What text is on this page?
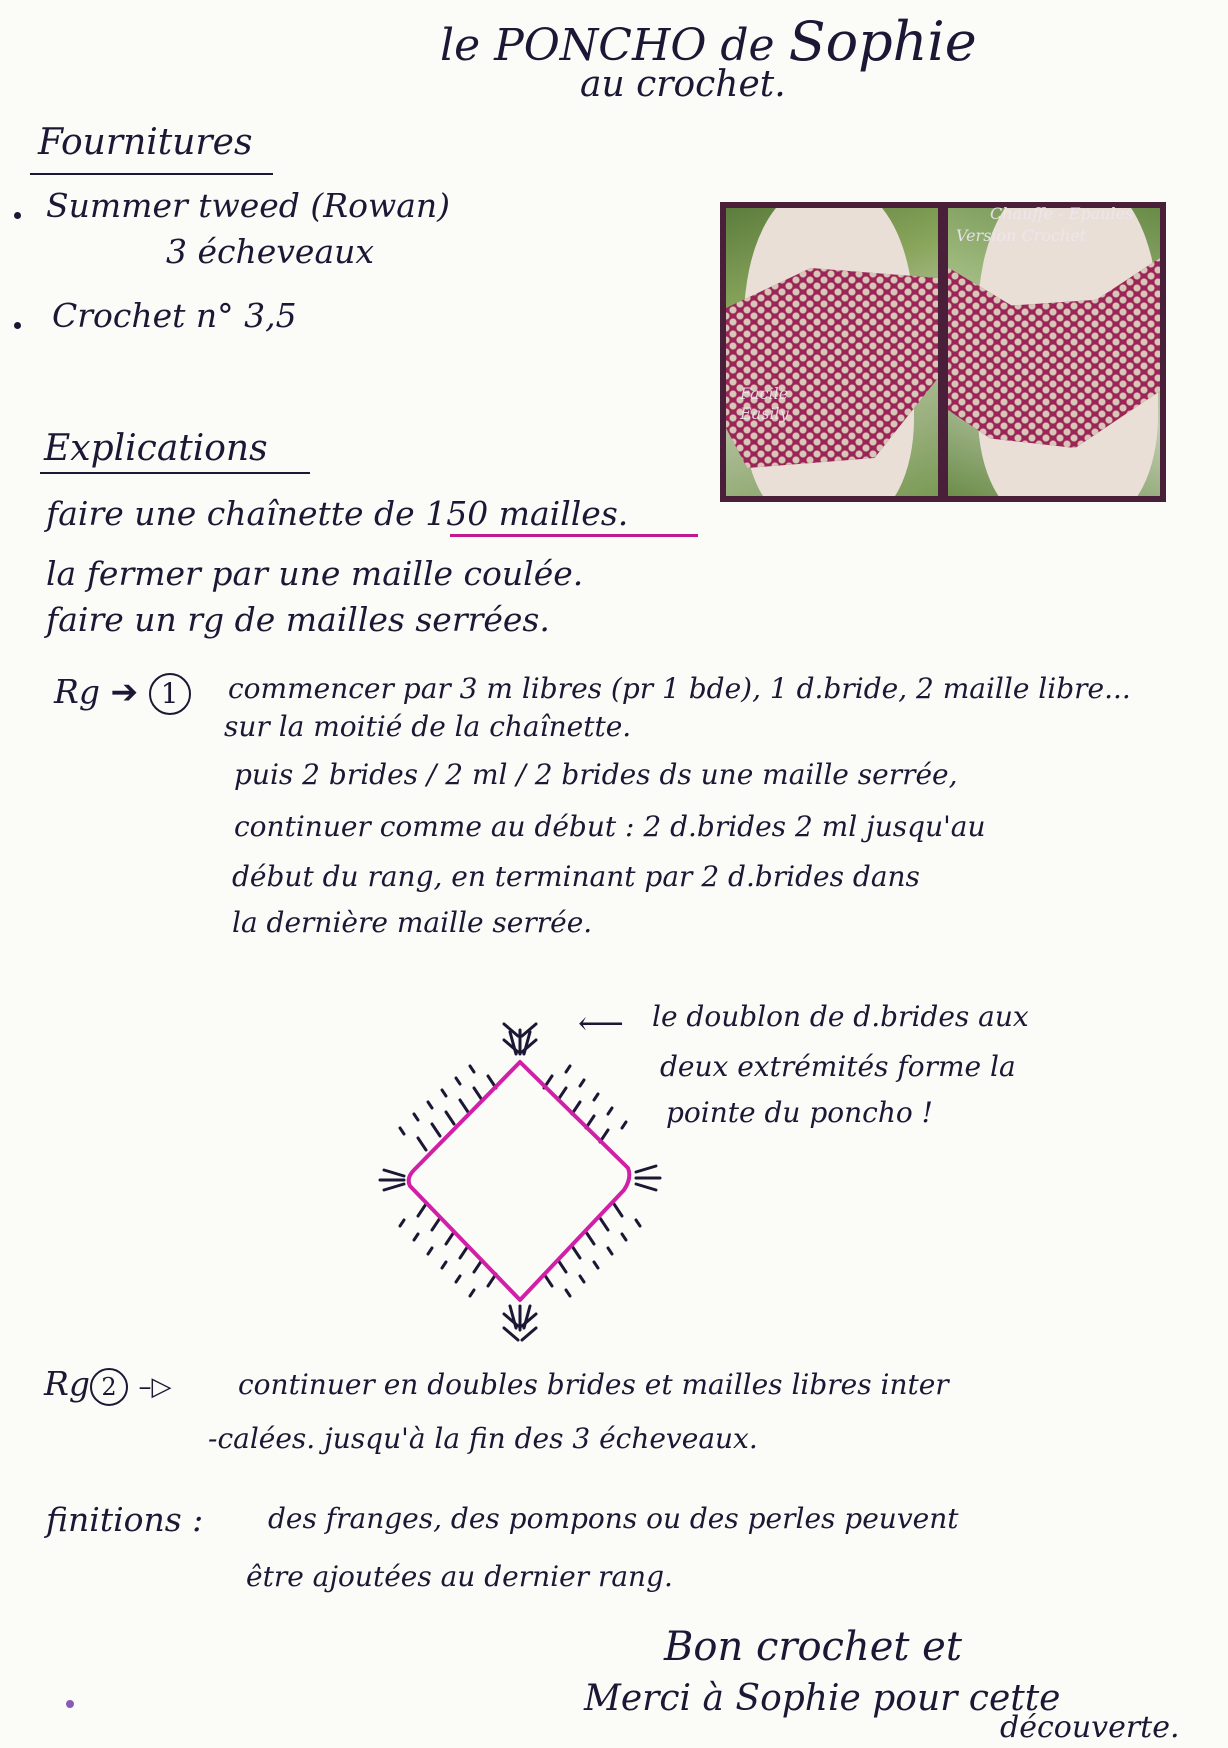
le PONCHO de Sophie
au crochet.
Fournitures
Summer tweed (Rowan)
3 écheveaux
Crochet n° 3,5
Facile
Easily
Chauffe - Epaules
Version Crochet
Explications
faire une chaînette de 150 mailles.
la fermer par une maille coulée.
faire un rg de mailles serrées.
Rg ➔ 1	commencer par 3 m libres (pr 1 bde), 1 d.bride, 2 maille libre...
sur la moitié de la chaînette.
puis 2 brides / 2 ml / 2 brides ds une maille serrée,
continuer comme au début : 2 d.brides 2 ml jusqu'au
début du rang, en terminant par 2 d.brides dans
la dernière maille serrée.
⟵ le doublon de d.brides aux
deux extrémités forme la
pointe du poncho !
Rg 2 –▷ continuer en doubles brides et mailles libres inter
-calées. jusqu'à la fin des 3 écheveaux.
finitions : des franges, des pompons ou des perles peuvent
être ajoutées au dernier rang.
Bon crochet et
Merci à Sophie pour cette
découverte.
